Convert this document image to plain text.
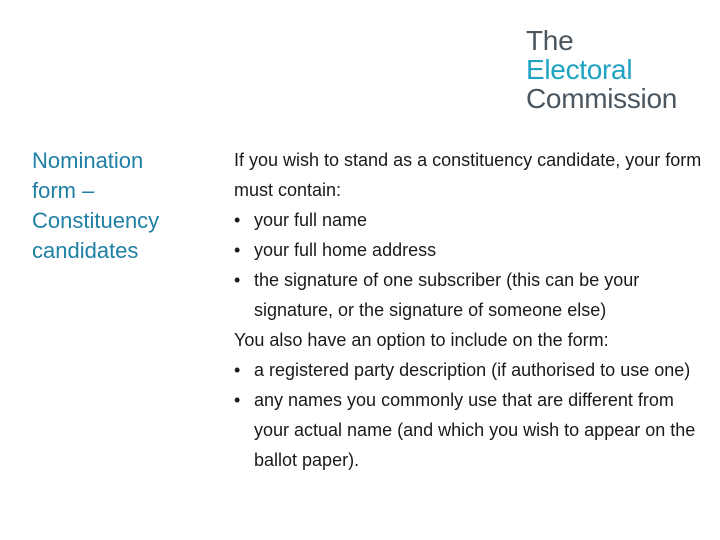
The
Electoral
Commission
Nomination
form –
Constituency
candidates

If you wish to stand as a constituency candidate, your form must contain:

• your full name
• your full home address
• the signature of one subscriber (this can be your signature, or the signature of someone else)

You also have an option to include on the form:

• a registered party description (if authorised to use one)
• any names you commonly use that are different from your actual name (and which you wish to appear on the ballot paper).
